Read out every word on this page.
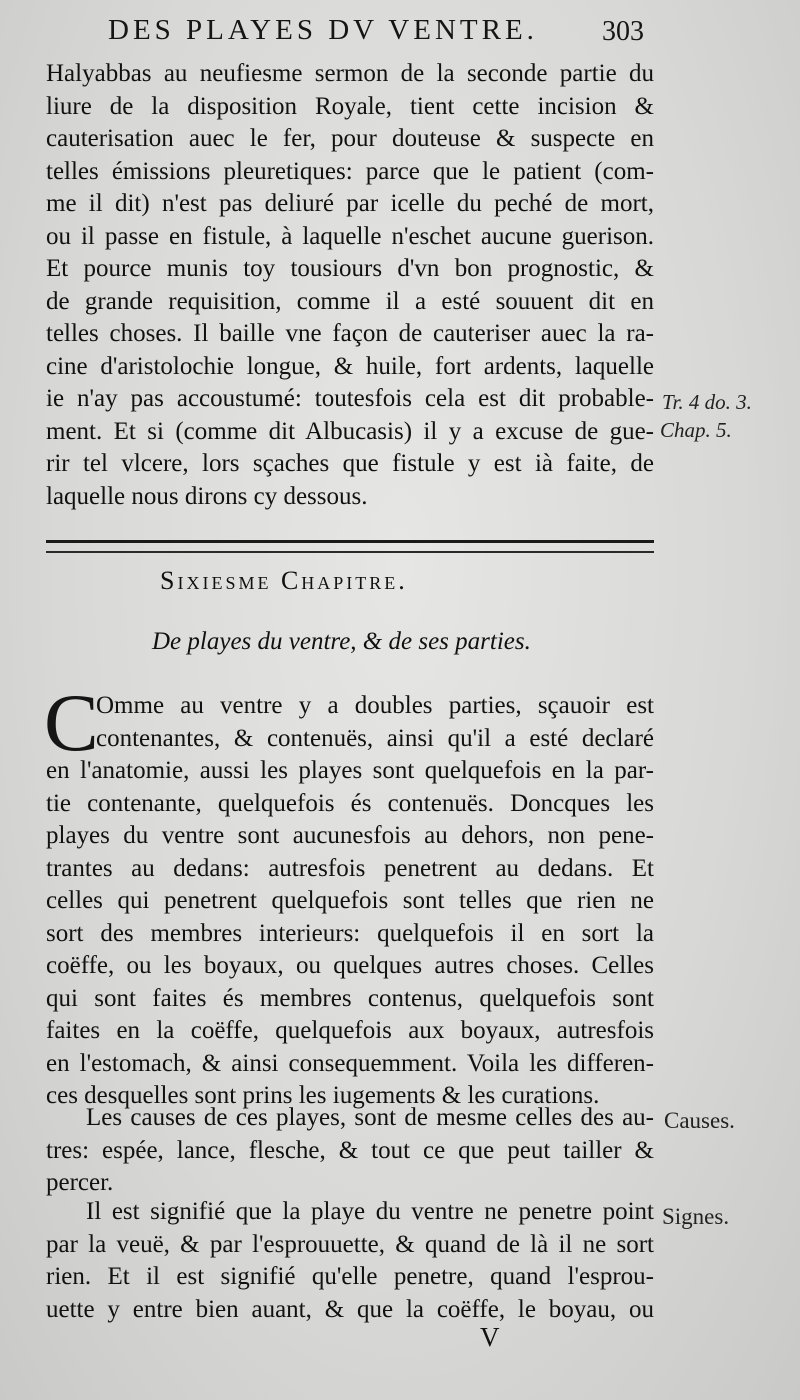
DES PLAYES DV VENTRE.	303
Halyabbas au neufiesme sermon de la seconde partie du
liure de la disposition Royale, tient cette incision &
cauterisation auec le fer, pour douteuse & suspecte en
telles émissions pleuretiques: parce que le patient (com-
me il dit) n'est pas deliuré par icelle du peché de mort,
ou il passe en fistule, à laquelle n'eschet aucune guerison.
Et pource munis toy tousiours d'vn bon prognostic, &
de grande requisition, comme il a esté souuent dit en
telles choses. Il baille vne façon de cauteriser auec la ra-
cine d'aristolochie longue, & huile, fort ardents, laquelle
ie n'ay pas accoustumé: toutesfois cela est dit probable-
ment. Et si (comme dit Albucasis) il y a excuse de gue-
rir tel vlcere, lors sçaches que fistule y est ià faite, de
laquelle nous dirons cy dessous.
Tr. 4 do. 3.
Chap. 5.
Sixiesme Chapitre.
De playes du ventre, & de ses parties.
C
Omme au ventre y a doubles parties, sçauoir est
contenantes, & contenuës, ainsi qu'il a esté declaré
en l'anatomie, aussi les playes sont quelquefois en la par-
tie contenante, quelquefois és contenuës. Doncques les
playes du ventre sont aucunesfois au dehors, non pene-
trantes au dedans: autresfois penetrent au dedans. Et
celles qui penetrent quelquefois sont telles que rien ne
sort des membres interieurs: quelquefois il en sort la
coëffe, ou les boyaux, ou quelques autres choses. Celles
qui sont faites és membres contenus, quelquefois sont
faites en la coëffe, quelquefois aux boyaux, autresfois
en l'estomach, & ainsi consequemment. Voila les differen-
ces desquelles sont prins les iugements & les curations.
Les causes de ces playes, sont de mesme celles des au-
tres: espée, lance, flesche, & tout ce que peut tailler &
percer.
Causes.
Il est signifié que la playe du ventre ne penetre point
par la veuë, & par l'esprouuette, & quand de là il ne sort
rien. Et il est signifié qu'elle penetre, quand l'esprou-
uette y entre bien auant, & que la coëffe, le boyau, ou
Signes.
V
